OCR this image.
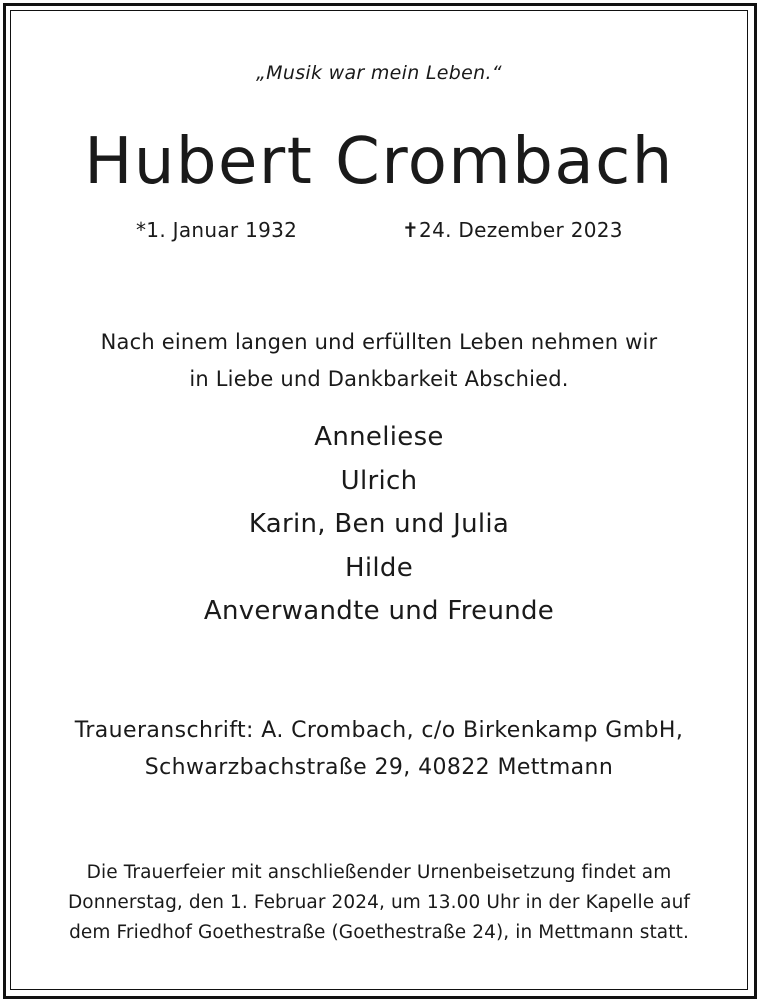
„Musik war mein Leben.“
Hubert Crombach
*1. Januar 1932	✝24. Dezember 2023
Nach einem langen und erfüllten Leben nehmen wir
in Liebe und Dankbarkeit Abschied.
Anneliese
Ulrich
Karin, Ben und Julia
Hilde
Anverwandte und Freunde
Traueranschrift: A. Crombach, c/o Birkenkamp GmbH,
Schwarzbachstraße 29, 40822 Mettmann
Die Trauerfeier mit anschließender Urnenbeisetzung findet am
Donnerstag, den 1. Februar 2024, um 13.00 Uhr in der Kapelle auf
dem Friedhof Goethestraße (Goethestraße 24), in Mettmann statt.
